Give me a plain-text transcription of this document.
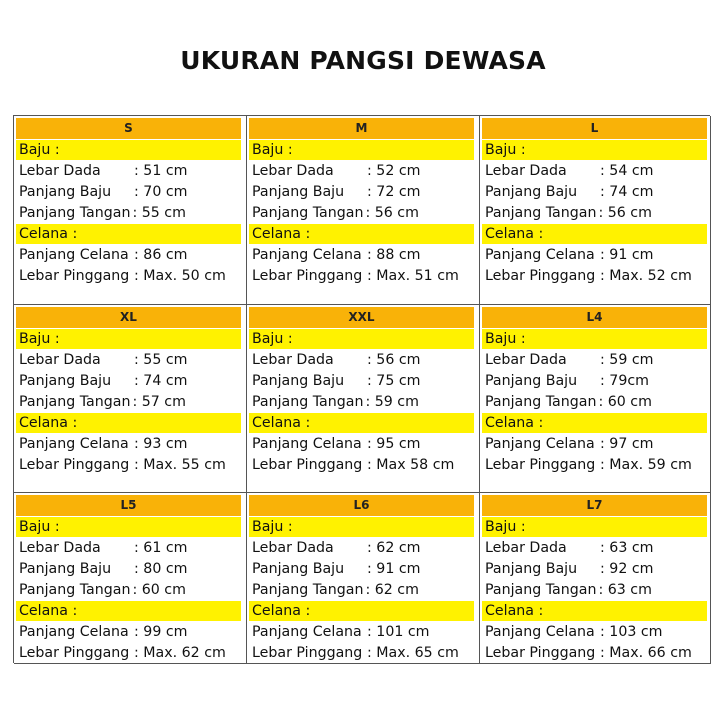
UKURAN PANGSI DEWASA
S
Baju :
Celana :
Lebar Dada : 51 cm
Panjang Baju : 70 cm
Panjang Tangan : 55 cm
Panjang Celana : 86 cm
Lebar Pinggang : Max. 50 cm
M
Baju :
Celana :
Lebar Dada : 52 cm
Panjang Baju : 72 cm
Panjang Tangan : 56 cm
Panjang Celana : 88 cm
Lebar Pinggang : Max. 51 cm
L
Baju :
Celana :
Lebar Dada : 54 cm
Panjang Baju : 74 cm
Panjang Tangan : 56 cm
Panjang Celana : 91 cm
Lebar Pinggang : Max. 52 cm
XL
Baju :
Celana :
Lebar Dada : 55 cm
Panjang Baju : 74 cm
Panjang Tangan : 57 cm
Panjang Celana : 93 cm
Lebar Pinggang : Max. 55 cm
XXL
Baju :
Celana :
Lebar Dada : 56 cm
Panjang Baju : 75 cm
Panjang Tangan : 59 cm
Panjang Celana : 95 cm
Lebar Pinggang : Max 58 cm
L4
Baju :
Celana :
Lebar Dada : 59 cm
Panjang Baju : 79cm
Panjang Tangan : 60 cm
Panjang Celana : 97 cm
Lebar Pinggang : Max. 59 cm
L5
Baju :
Celana :
Lebar Dada : 61 cm
Panjang Baju : 80 cm
Panjang Tangan : 60 cm
Panjang Celana : 99 cm
Lebar Pinggang : Max. 62 cm
L6
Baju :
Celana :
Lebar Dada : 62 cm
Panjang Baju : 91 cm
Panjang Tangan : 62 cm
Panjang Celana : 101 cm
Lebar Pinggang : Max. 65 cm
L7
Baju :
Celana :
Lebar Dada : 63 cm
Panjang Baju : 92 cm
Panjang Tangan : 63 cm
Panjang Celana : 103 cm
Lebar Pinggang : Max. 66 cm
